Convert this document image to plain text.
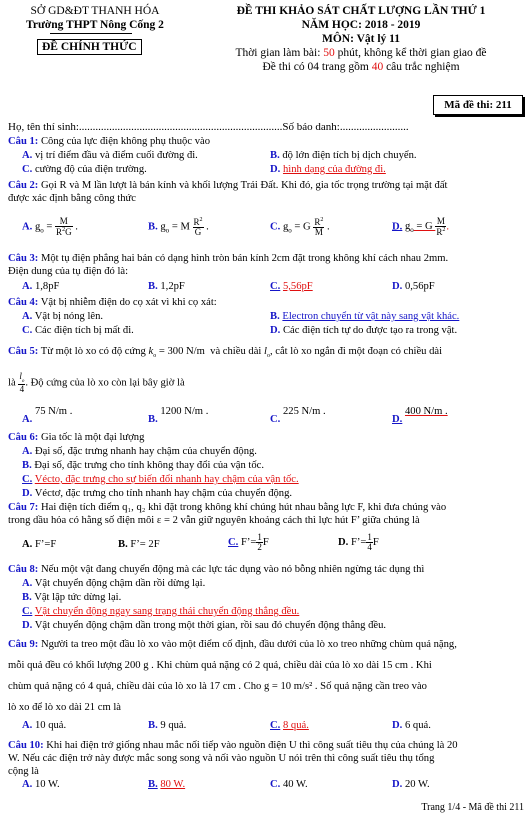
SỞ GD&ĐT THANH HÓA
Trường THPT Nông Cống 2
ĐỀ CHÍNH THỨC
ĐỀ THI KHẢO SÁT CHẤT LƯỢNG LẦN THỨ 1
NĂM HỌC: 2018 - 2019
MÔN: Vật lý 11
Thời gian làm bài: 50 phút, không kể thời gian giao đề
Đề thi có 04 trang gồm 40 câu trắc nghiệm
Mã đề thi: 211
Họ, tên thí sinh:..........................................................................Số báo danh:.........................
Câu 1: Công của lực điện không phụ thuộc vào
A. vị trí điểm đầu và điểm cuối đường đi.	B. độ lớn điện tích bị dịch chuyển.
C. cường độ của điện trường.	D. hình dạng của đường đi.
Câu 2: Gọi R và M lần lượt là bán kính và khối lượng Trái Đất. Khi đó, gia tốc trọng trường tại mặt đất
được xác định bằng công thức
A. $g_o = \frac{M}{R^2G}$ .	B. $g_o = M \frac{R^2}{G}$ .	C. $g_o = G \frac{R^2}{M}$ .	D. $g_o = G \frac{M}{R^2}$ .
Câu 3: Một tụ điện phẳng hai bản có dạng hình tròn bán kính 2cm đặt trong không khí cách nhau 2mm.
Điện dung của tụ điện đó là:
A. 1,8pF	B. 1,2pF	C. 5,56pF	D. 0,56pF
Câu 4: Vật bị nhiễm điện do cọ xát vì khi cọ xát:
A. Vật bị nóng lên.	B. Electron chuyển từ vật này sang vật khác.
C. Các điện tích bị mất đi.	D. Các điện tích tự do được tạo ra trong vật.
Câu 5: Từ một lò xo có độ cứng $k_o = 300$ N/m và chiều dài $l_o$, cắt lò xo ngắn đi một đoạn có chiều dài
là $\frac{l_o}{4}$ . Độ cứng của lò xo còn lại bây giờ là
A. 75 N/m .
B. 1200 N/m .
C. 225 N/m .
D. 400 N/m .
Câu 6: Gia tốc là một đại lượng
A. Đại số, đặc trưng nhanh hay chậm của chuyển động.
B. Đại số, đặc trưng cho tính không thay đổi của vận tốc.
C. Vécto, đặc trưng cho sự biến đổi nhanh hay chậm của vận tốc.
D. Véctơ, đặc trưng cho tính nhanh hay chậm của chuyển động.
Câu 7: Hai điện tích điểm q₁, q₂ khi đặt trong không khí chúng hút nhau bằng lực F, khi đưa chúng vào
trong dầu hỏa có hằng số điện môi ε = 2 vẫn giữ nguyên khoảng cách thì lực hút F’ giữa chúng là
A. F’=F	B. F’= 2F	C. F’= $\frac{1}{2}$ F	D. F’= $\frac{1}{4}$ F
Câu 8: Nếu một vật đang chuyển động mà các lực tác dụng vào nó bỗng nhiên ngừng tác dụng thì
A. Vật chuyển động chậm dần rồi dừng lại.
B. Vật lập tức dừng lại.
C. Vật chuyển động ngay sang trạng thái chuyển động thẳng đều.
D. Vật chuyển động chậm dần trong một thời gian, rồi sau đó chuyển động thẳng đều.
Câu 9: Người ta treo một đầu lò xo vào một điểm cố định, đầu dưới của lò xo treo những chùm quả nặng,
mỗi quả đều có khối lượng 200 g . Khi chùm quả nặng có 2 quả, chiều dài của lò xo dài 15 cm . Khi
chùm quả nặng có 4 quả, chiều dài của lò xo là 17 cm . Cho g = 10 m/s² . Số quả nặng cần treo vào
lò xo để lò xo dài 21 cm là
A. 10 quả.	B. 9 quả.	C. 8 quả.	D. 6 quả.
Câu 10: Khi hai điện trở giống nhau mắc nối tiếp vào nguồn điện U thì công suất tiêu thụ của chúng là 20
W. Nếu các điện trở này được mắc song song và nối vào nguồn U nói trên thì công suất tiêu thụ tổng
cộng là
A. 10 W.	B. 80 W.	C. 40 W.	D. 20 W.
Trang 1/4 - Mã đề thi 211
